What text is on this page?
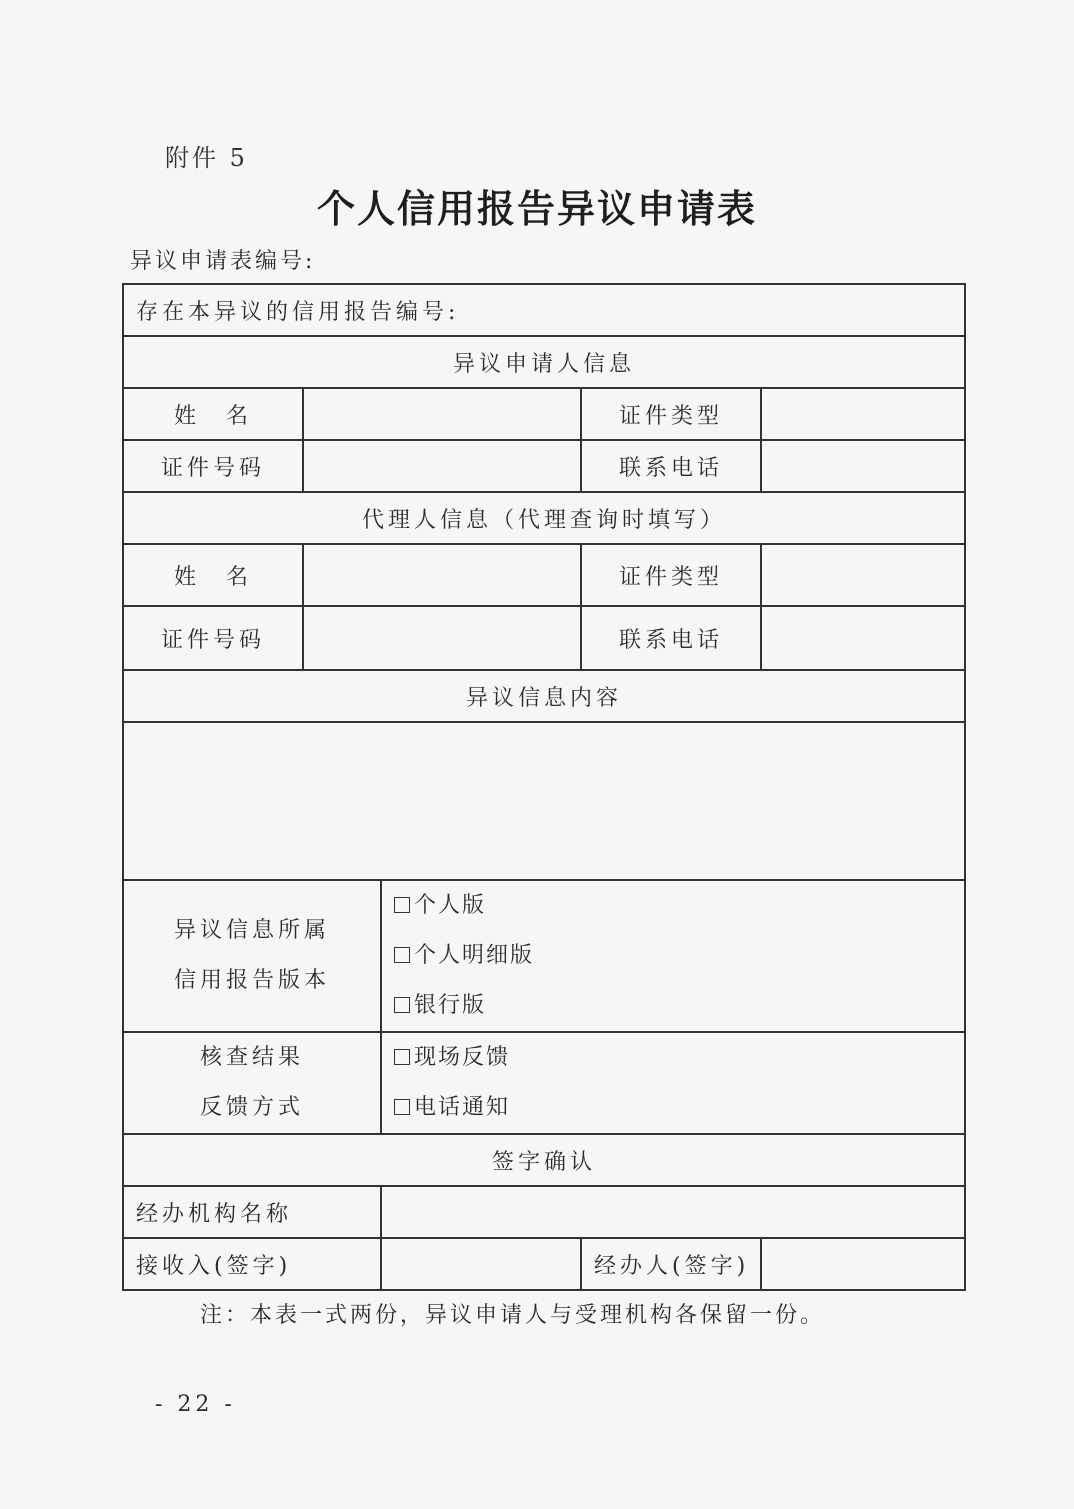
附件 5
个人信用报告异议申请表
异议申请表编号:
存在本异议的信用报告编号:				
异议申请人信息				
姓　名			证件类型	
证件号码			联系电话	
代理人信息（代理查询时填写）				
姓　名			证件类型	
证件号码			联系电话	
异议信息内容				

异议信息所属
信用报告版本		个人版
个人明细版
银行版		

核查结果
反馈方式		现场反馈
电话通知		

签字确认				
经办机构名称				
接收入(签字)			经办人(签字)	
注：本表一式两份，异议申请人与受理机构各保留一份。
- 22 -
